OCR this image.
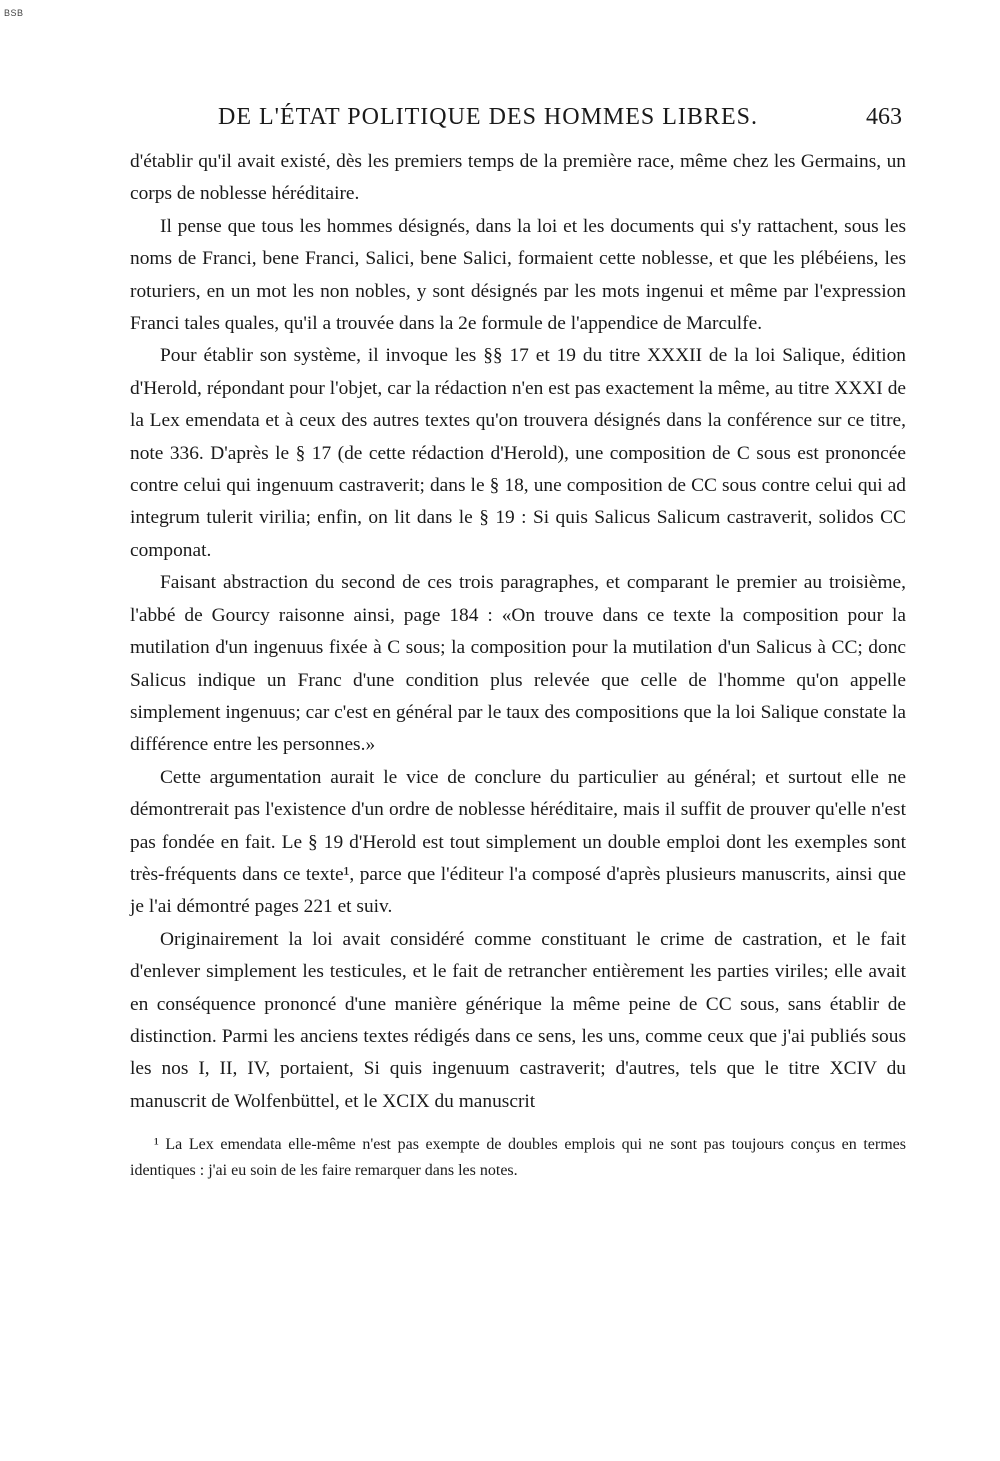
BSB
DE L'ÉTAT POLITIQUE DES HOMMES LIBRES.	463

d'établir qu'il avait existé, dès les premiers temps de la première race, même chez les Germains, un corps de noblesse héréditaire.

Il pense que tous les hommes désignés, dans la loi et les documents qui s'y rattachent, sous les noms de Franci, bene Franci, Salici, bene Salici, formaient cette noblesse, et que les plébéiens, les roturiers, en un mot les non nobles, y sont désignés par les mots ingenui et même par l'expression Franci tales quales, qu'il a trouvée dans la 2e formule de l'appendice de Marculfe.

Pour établir son système, il invoque les §§ 17 et 19 du titre XXXII de la loi Salique, édition d'Herold, répondant pour l'objet, car la rédaction n'en est pas exactement la même, au titre XXXI de la Lex emendata et à ceux des autres textes qu'on trouvera désignés dans la conférence sur ce titre, note 336. D'après le § 17 (de cette rédaction d'Herold), une composition de C sous est prononcée contre celui qui ingenuum castraverit; dans le § 18, une composition de CC sous contre celui qui ad integrum tulerit virilia; enfin, on lit dans le § 19 : Si quis Salicus Salicum castraverit, solidos CC componat.

Faisant abstraction du second de ces trois paragraphes, et comparant le premier au troisième, l'abbé de Gourcy raisonne ainsi, page 184 : «On trouve dans ce texte la composition pour la mutilation d'un ingenuus fixée à C sous; la composition pour la mutilation d'un Salicus à CC; donc Salicus indique un Franc d'une condition plus relevée que celle de l'homme qu'on appelle simplement ingenuus; car c'est en général par le taux des compositions que la loi Salique constate la différence entre les personnes.»

Cette argumentation aurait le vice de conclure du particulier au général; et surtout elle ne démontrerait pas l'existence d'un ordre de noblesse héréditaire, mais il suffit de prouver qu'elle n'est pas fondée en fait. Le § 19 d'Herold est tout simplement un double emploi dont les exemples sont très-fréquents dans ce texte¹, parce que l'éditeur l'a composé d'après plusieurs manuscrits, ainsi que je l'ai démontré pages 221 et suiv.

Originairement la loi avait considéré comme constituant le crime de castration, et le fait d'enlever simplement les testicules, et le fait de retrancher entièrement les parties viriles; elle avait en conséquence prononcé d'une manière générique la même peine de CC sous, sans établir de distinction. Parmi les anciens textes rédigés dans ce sens, les uns, comme ceux que j'ai publiés sous les nos I, II, IV, portaient, Si quis ingenuum castraverit; d'autres, tels que le titre XCIV du manuscrit de Wolfenbüttel, et le XCIX du manuscrit

¹ La Lex emendata elle-même n'est pas exempte de doubles emplois qui ne sont pas toujours conçus en termes identiques : j'ai eu soin de les faire remarquer dans les notes.
